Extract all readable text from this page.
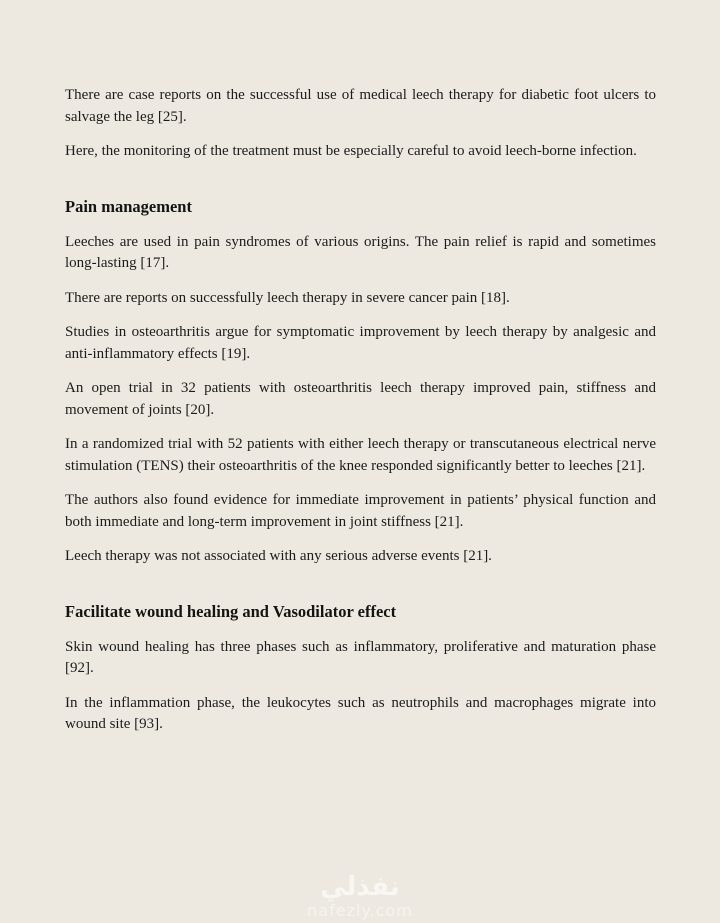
There are case reports on the successful use of medical leech therapy for diabetic foot ulcers to salvage the leg [25].

Here, the monitoring of the treatment must be especially careful to avoid leech-borne infection.

Pain management

Leeches are used in pain syndromes of various origins. The pain relief is rapid and sometimes long-lasting [17].

There are reports on successfully leech therapy in severe cancer pain [18].

Studies in osteoarthritis argue for symptomatic improvement by leech therapy by analgesic and anti-inflammatory effects [19].

An open trial in 32 patients with osteoarthritis leech therapy improved pain, stiffness and movement of joints [20].

In a randomized trial with 52 patients with either leech therapy or transcutaneous electrical nerve stimulation (TENS) their osteoarthritis of the knee responded significantly better to leeches [21].

The authors also found evidence for immediate improvement in patients’ physical function and both immediate and long-term improvement in joint stiffness [21].

Leech therapy was not associated with any serious adverse events [21].

Facilitate wound healing and Vasodilator effect

Skin wound healing has three phases such as inflammatory, proliferative and maturation phase [92].

In the inflammation phase, the leukocytes such as neutrophils and macrophages migrate into wound site [93].

نفذلي
nafezly.com
